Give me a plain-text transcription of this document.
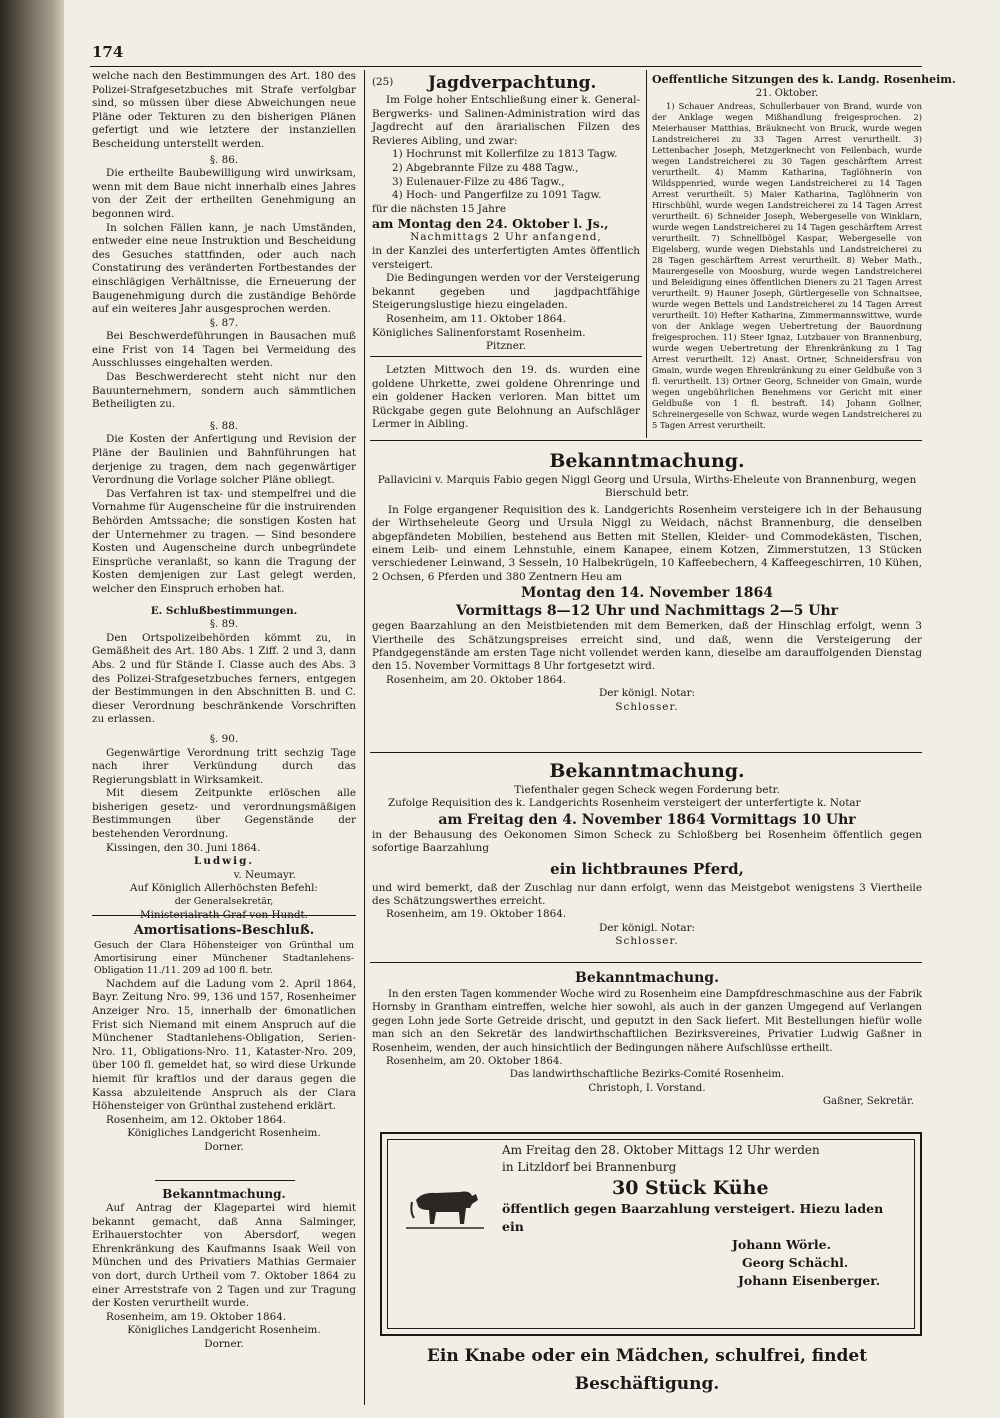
174
welche nach den Bestimmungen des Art. 180 des Polizei-Strafgesetzbuches mit Strafe verfolgbar sind, so müssen über diese Abweichungen neue Pläne oder Tekturen zu den bisherigen Plänen gefertigt und wie letztere der instanziellen Bescheidung unterstellt werden.
§. 86.

Die ertheilte Baubewilligung wird unwirksam, wenn mit dem Baue nicht innerhalb eines Jahres von der Zeit der ertheilten Genehmigung an begonnen wird.

In solchen Fällen kann, je nach Umständen, entweder eine neue Instruktion und Bescheidung des Gesuches stattfinden, oder auch nach Constatirung des veränderten Fortbestandes der einschlägigen Verhältnisse, die Erneuerung der Baugenehmigung durch die zuständige Behörde auf ein weiteres Jahr ausgesprochen werden.

§. 87.

Bei Beschwerdeführungen in Bausachen muß eine Frist von 14 Tagen bei Vermeidung des Ausschlusses eingehalten werden.

Das Beschwerderecht steht nicht nur den Bauunternehmern, sondern auch sämmtlichen Betheiligten zu.

§. 88.

Die Kosten der Anfertigung und Revision der Pläne der Baulinien und Bahnführungen hat derjenige zu tragen, dem nach gegenwärtiger Verordnung die Vorlage solcher Pläne obliegt.

Das Verfahren ist tax- und stempelfrei und die Vornahme für Augenscheine für die instruirenden Behörden Amtssache; die sonstigen Kosten hat der Unternehmer zu tragen. — Sind besondere Kosten und Augenscheine durch unbegründete Einsprüche veranlaßt, so kann die Tragung der Kosten demjenigen zur Last gelegt werden, welcher den Einspruch erhoben hat.

E. Schlußbestimmungen.
§. 89.

Den Ortspolizeibehörden kömmt zu, in Gemäßheit des Art. 180 Abs. 1 Ziff. 2 und 3, dann Abs. 2 und für Stände I. Classe auch des Abs. 3 des Polizei-Strafgesetzbuches ferners, entgegen der Bestimmungen in den Abschnitten B. und C. dieser Verordnung beschränkende Vorschriften zu erlassen.

§. 90.

Gegenwärtige Verordnung tritt sechzig Tage nach ihrer Verkündung durch das Regierungsblatt in Wirksamkeit.

Mit diesem Zeitpunkte erlöschen alle bisherigen gesetz- und verordnungsmäßigen Bestimmungen über Gegenstände der bestehenden Verordnung.

Kissingen, den 30. Juni 1864.

Ludwig.
v. Neumayr.
Auf Königlich Allerhöchsten Befehl:
der Generalsekretär,
Ministerialrath Graf von Hundt.
Amortisations-Beschluß.
Gesuch der Clara Höhensteiger von Grünthal um Amortisirung einer Münchener Stadtanlehens-Obligation 11./11. 209 ad 100 fl. betr.

Nachdem auf die Ladung vom 2. April 1864, Bayr. Zeitung Nro. 99, 136 und 157, Rosenheimer Anzeiger Nro. 15, innerhalb der 6monatlichen Frist sich Niemand mit einem Anspruch auf die Münchener Stadtanlehens-Obligation, Serien-Nro. 11, Obligations-Nro. 11, Kataster-Nro. 209, über 100 fl. gemeldet hat, so wird diese Urkunde hiemit für kraftlos und der daraus gegen die Kassa abzuleitende Anspruch als der Clara Höhensteiger von Grünthal zustehend erklärt.

Rosenheim, am 12. Oktober 1864.

Königliches Landgericht Rosenheim.
Dorner.
Bekanntmachung.

Auf Antrag der Klagepartei wird hiemit bekannt gemacht, daß Anna Salminger, Erlhauerstochter von Abersdorf, wegen Ehrenkränkung des Kaufmanns Isaak Weil von München und des Privatiers Mathias Germaier von dort, durch Urtheil vom 7. Oktober 1864 zu einer Arreststrafe von 2 Tagen und zur Tragung der Kosten verurtheilt wurde.

Rosenheim, am 19. Oktober 1864.

Königliches Landgericht Rosenheim.
Dorner.
(25) Jagdverpachtung.

Im Folge hoher Entschließung einer k. General-Bergwerks- und Salinen-Administration wird das Jagdrecht auf den ärarialischen Filzen des Revieres Aibling, und zwar:

1) Hochrunst mit Kollerfilze zu 1813 Tagw.
2) Abgebrannte Filze zu 488 Tagw.,
3) Eulenauer-Filze zu 486 Tagw.,
4) Hoch- und Pangerfilze zu 1091 Tagw.
für die nächsten 15 Jahre
am Montag den 24. Oktober l. Js.,
Nachmittags 2 Uhr anfangend,
in der Kanzlei des unterfertigten Amtes öffentlich versteigert.

Die Bedingungen werden vor der Versteigerung bekannt gegeben und jagdpachtfähige Steigerungslustige hiezu eingeladen.

Rosenheim, am 11. Oktober 1864.

Königliches Salinenforstamt Rosenheim.
Pitzner.

Letzten Mittwoch den 19. ds. wurden eine goldene Uhrkette, zwei goldene Ohrenringe und ein goldener Hacken verloren. Man bittet um Rückgabe gegen gute Belohnung an Aufschläger Lermer in Aibling.

Oeffentliche Sitzungen des k. Landg. Rosenheim.
21. Oktober.
1) Schauer Andreas, Schullerbauer von Brand, wurde von der Anklage wegen Mißhandlung freigesprochen. 2) Meierhauser Matthias, Bräuknecht von Bruck, wurde wegen Landstreicherei zu 33 Tagen Arrest verurtheilt. 3) Lettenbacher Joseph, Metzgerknecht von Feilenbach, wurde wegen Landstreicherei zu 30 Tagen geschärftem Arrest verurtheilt. 4) Mamm Katharina, Taglöhnerin von Wildsppenried, wurde wegen Landstreicherei zu 14 Tagen Arrest verurtheilt. 5) Maier Katharina, Taglöhnerin von Hirschbühl, wurde wegen Landstreicherei zu 14 Tagen Arrest verurtheilt. 6) Schneider Joseph, Webergeselle von Winklarn, wurde wegen Landstreicherei zu 14 Tagen geschärftem Arrest verurtheilt. 7) Schnellbögel Kaspar, Webergeselle von Eigelsberg, wurde wegen Diebstahls und Landstreicherei zu 28 Tagen geschärftem Arrest verurtheilt. 8) Weber Math., Maurergeselle von Moosburg, wurde wegen Landstreicherei und Beleidigung eines öffentlichen Dieners zu 21 Tagen Arrest verurtheilt. 9) Hauner Joseph, Gürtlergeselle von Schnaitsee, wurde wegen Bettels und Landstreicherei zu 14 Tagen Arrest verurtheilt. 10) Hefter Katharina, Zimmermannswittwe, wurde von der Anklage wegen Uebertretung der Bauordnung freigesprochen. 11) Steer Ignaz, Lutzbauer von Brannenburg, wurde wegen Uebertretung der Ehrenkränkung zu 1 Tag Arrest verurtheilt. 12) Anast. Ortner, Schneidersfrau von Gmain, wurde wegen Ehrenkränkung zu einer Geldbuße von 3 fl. verurtheilt. 13) Ortner Georg, Schneider von Gmain, wurde wegen ungebührlichen Benehmens vor Gericht mit einer Geldbuße von 1 fl. bestraft. 14) Johann Gollner, Schreinergeselle von Schwaz, wurde wegen Landstreicherei zu 5 Tagen Arrest verurtheilt.
Bekanntmachung.
Pallavicini v. Marquis Fabio gegen Niggl Georg und Ursula, Wirths-Eheleute von Brannenburg, wegen Bierschuld betr.
In Folge ergangener Requisition des k. Landgerichts Rosenheim versteigere ich in der Behausung der Wirthseheleute Georg und Ursula Niggl zu Weidach, nächst Brannenburg, die denselben abgepfändeten Mobilien, bestehend aus Betten mit Stellen, Kleider- und Commodekästen, Tischen, einem Leib- und einem Lehnstuhle, einem Kanapee, einem Kotzen, Zimmerstutzen, 13 Stücken verschiedener Leinwand, 3 Sesseln, 10 Halbekrügeln, 10 Kaffeebechern, 4 Kaffeegeschirren, 10 Kühen, 2 Ochsen, 6 Pferden und 380 Zentnern Heu am
Montag den 14. November 1864
Vormittags 8—12 Uhr und Nachmittags 2—5 Uhr
gegen Baarzahlung an den Meistbietenden mit dem Bemerken, daß der Hinschlag erfolgt, wenn 3 Viertheile des Schätzungspreises erreicht sind, und daß, wenn die Versteigerung der Pfandgegenstände am ersten Tage nicht vollendet werden kann, dieselbe am darauffolgenden Dienstag den 15. November Vormittags 8 Uhr fortgesetzt wird.
Rosenheim, am 20. Oktober 1864.
Der königl. Notar:
Schlosser.
Bekanntmachung.
Tiefenthaler gegen Scheck wegen Forderung betr.
Zufolge Requisition des k. Landgerichts Rosenheim versteigert der unterfertigte k. Notar
am Freitag den 4. November 1864 Vormittags 10 Uhr
in der Behausung des Oekonomen Simon Scheck zu Schloßberg bei Rosenheim öffentlich gegen sofortige Baarzahlung
ein lichtbraunes Pferd,
und wird bemerkt, daß der Zuschlag nur dann erfolgt, wenn das Meistgebot wenigstens 3 Viertheile des Schätzungswerthes erreicht.
Rosenheim, am 19. Oktober 1864.
Der königl. Notar:
Schlosser.
Bekanntmachung.
In den ersten Tagen kommender Woche wird zu Rosenheim eine Dampfdreschmaschine aus der Fabrik Hornsby in Grantham eintreffen, welche hier sowohl, als auch in der ganzen Umgegend auf Verlangen gegen Lohn jede Sorte Getreide drischt, und geputzt in den Sack liefert. Mit Bestellungen hiefür wolle man sich an den Sekretär des landwirthschaftlichen Bezirksvereines, Privatier Ludwig Gaßner in Rosenheim, wenden, der auch hinsichtlich der Bedingungen nähere Aufschlüsse ertheilt.
Rosenheim, am 20. Oktober 1864.
Das landwirthschaftliche Bezirks-Comité Rosenheim.
Christoph, I. Vorstand.
Gaßner, Sekretär.
Am Freitag den 28. Oktober Mittags 12 Uhr werden
in Litzldorf bei Brannenburg
30 Stück Kühe
öffentlich gegen Baarzahlung versteigert. Hiezu laden ein
Johann Wörle.
Georg Schächl.
Johann Eisenberger.
Ein Knabe oder ein Mädchen, schulfrei, findet Beschäftigung.
